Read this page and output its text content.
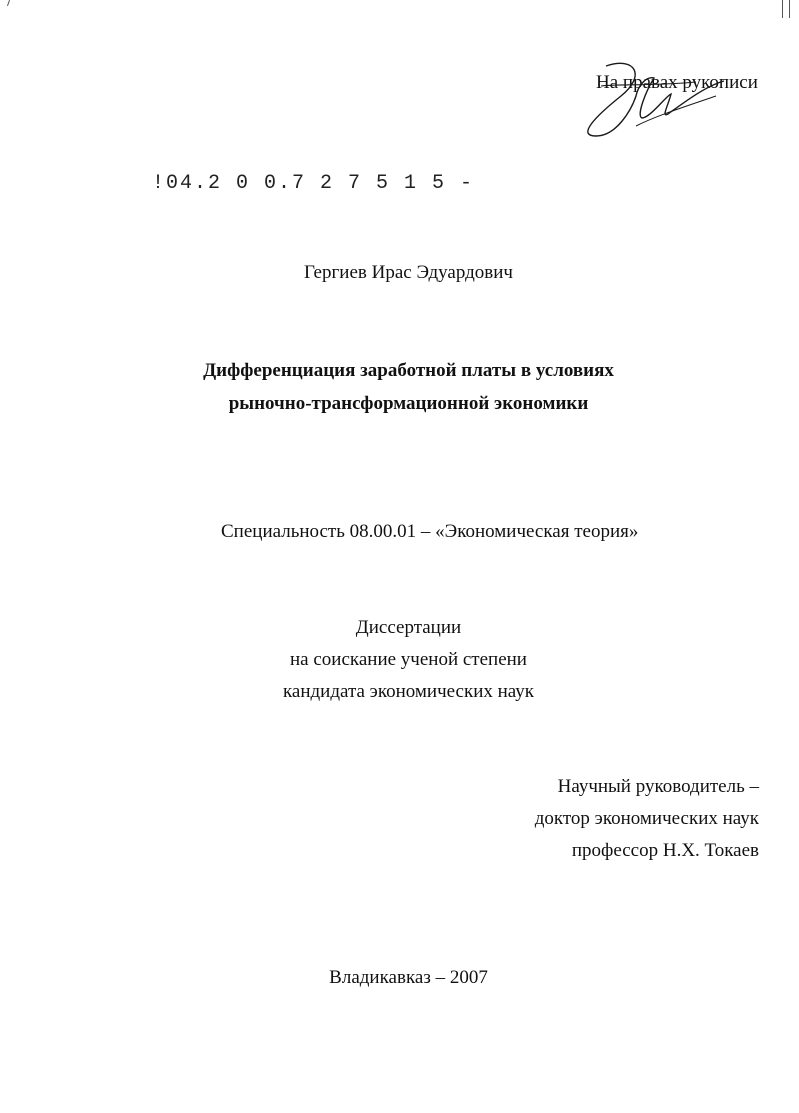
На правах рукописи
!04.2 0 0.7 2 7 5 1 5 -
Гергиев Ирас Эдуардович
Дифференциация заработной платы в условиях
рыночно-трансформационной экономики
Специальность 08.00.01 – «Экономическая теория»
Диссертации
на соискание ученой степени
кандидата экономических наук
Научный руководитель –
доктор экономических наук
профессор Н.Х. Токаев
Владикавказ – 2007
